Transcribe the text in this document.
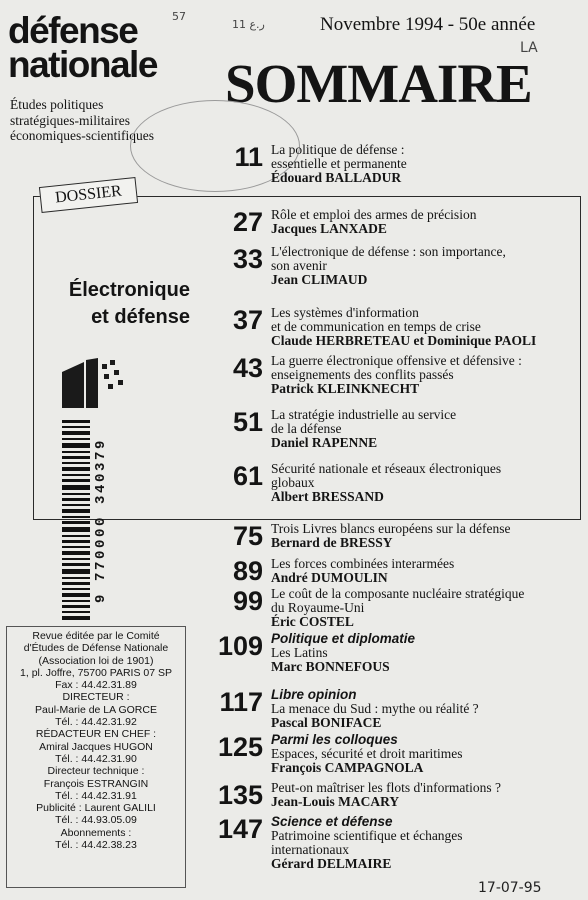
défense
nationale
Études politiques
stratégiques-militaires
économiques-scientifiques
Novembre 1994 - 50e année
SOMMAIRE
57
ر.ع 11
LA
DOSSIER
Électronique
et défense
9 770000 340379
Revue éditée par le Comité
d'Études de Défense Nationale
(Association loi de 1901)
1, pl. Joffre, 75700 PARIS 07 SP
Fax : 44.42.31.89
DIRECTEUR :
Paul-Marie de LA GORCE
Tél. : 44.42.31.92
RÉDACTEUR EN CHEF :
Amiral Jacques HUGON
Tél. : 44.42.31.90
Directeur technique :
François ESTRANGIN
Tél. : 44.42.31.91
Publicité : Laurent GALILI
Tél. : 44.93.05.09
Abonnements :
Tél. : 44.42.38.23
11 La politique de défense :
essentielle et permanente
Édouard BALLADUR
27 Rôle et emploi des armes de précision
Jacques LANXADE
33 L'électronique de défense : son importance,
son avenir
Jean CLIMAUD
37 Les systèmes d'information
et de communication en temps de crise
Claude HERBRETEAU et Dominique PAOLI
43 La guerre électronique offensive et défensive :
enseignements des conflits passés
Patrick KLEINKNECHT
51 La stratégie industrielle au service
de la défense
Daniel RAPENNE
61 Sécurité nationale et réseaux électroniques
globaux
Albert BRESSAND
75 Trois Livres blancs européens sur la défense
Bernard de BRESSY
89 Les forces combinées interarmées
André DUMOULIN
99 Le coût de la composante nucléaire stratégique
du Royaume-Uni
Éric COSTEL
109 Politique et diplomatie
Les Latins
Marc BONNEFOUS
117 Libre opinion
La menace du Sud : mythe ou réalité ?
Pascal BONIFACE
125 Parmi les colloques
Espaces, sécurité et droit maritimes
François CAMPAGNOLA
135 Peut-on maîtriser les flots d'informations ?
Jean-Louis MACARY
147 Science et défense
Patrimoine scientifique et échanges
internationaux
Gérard DELMAIRE
17-07-95
